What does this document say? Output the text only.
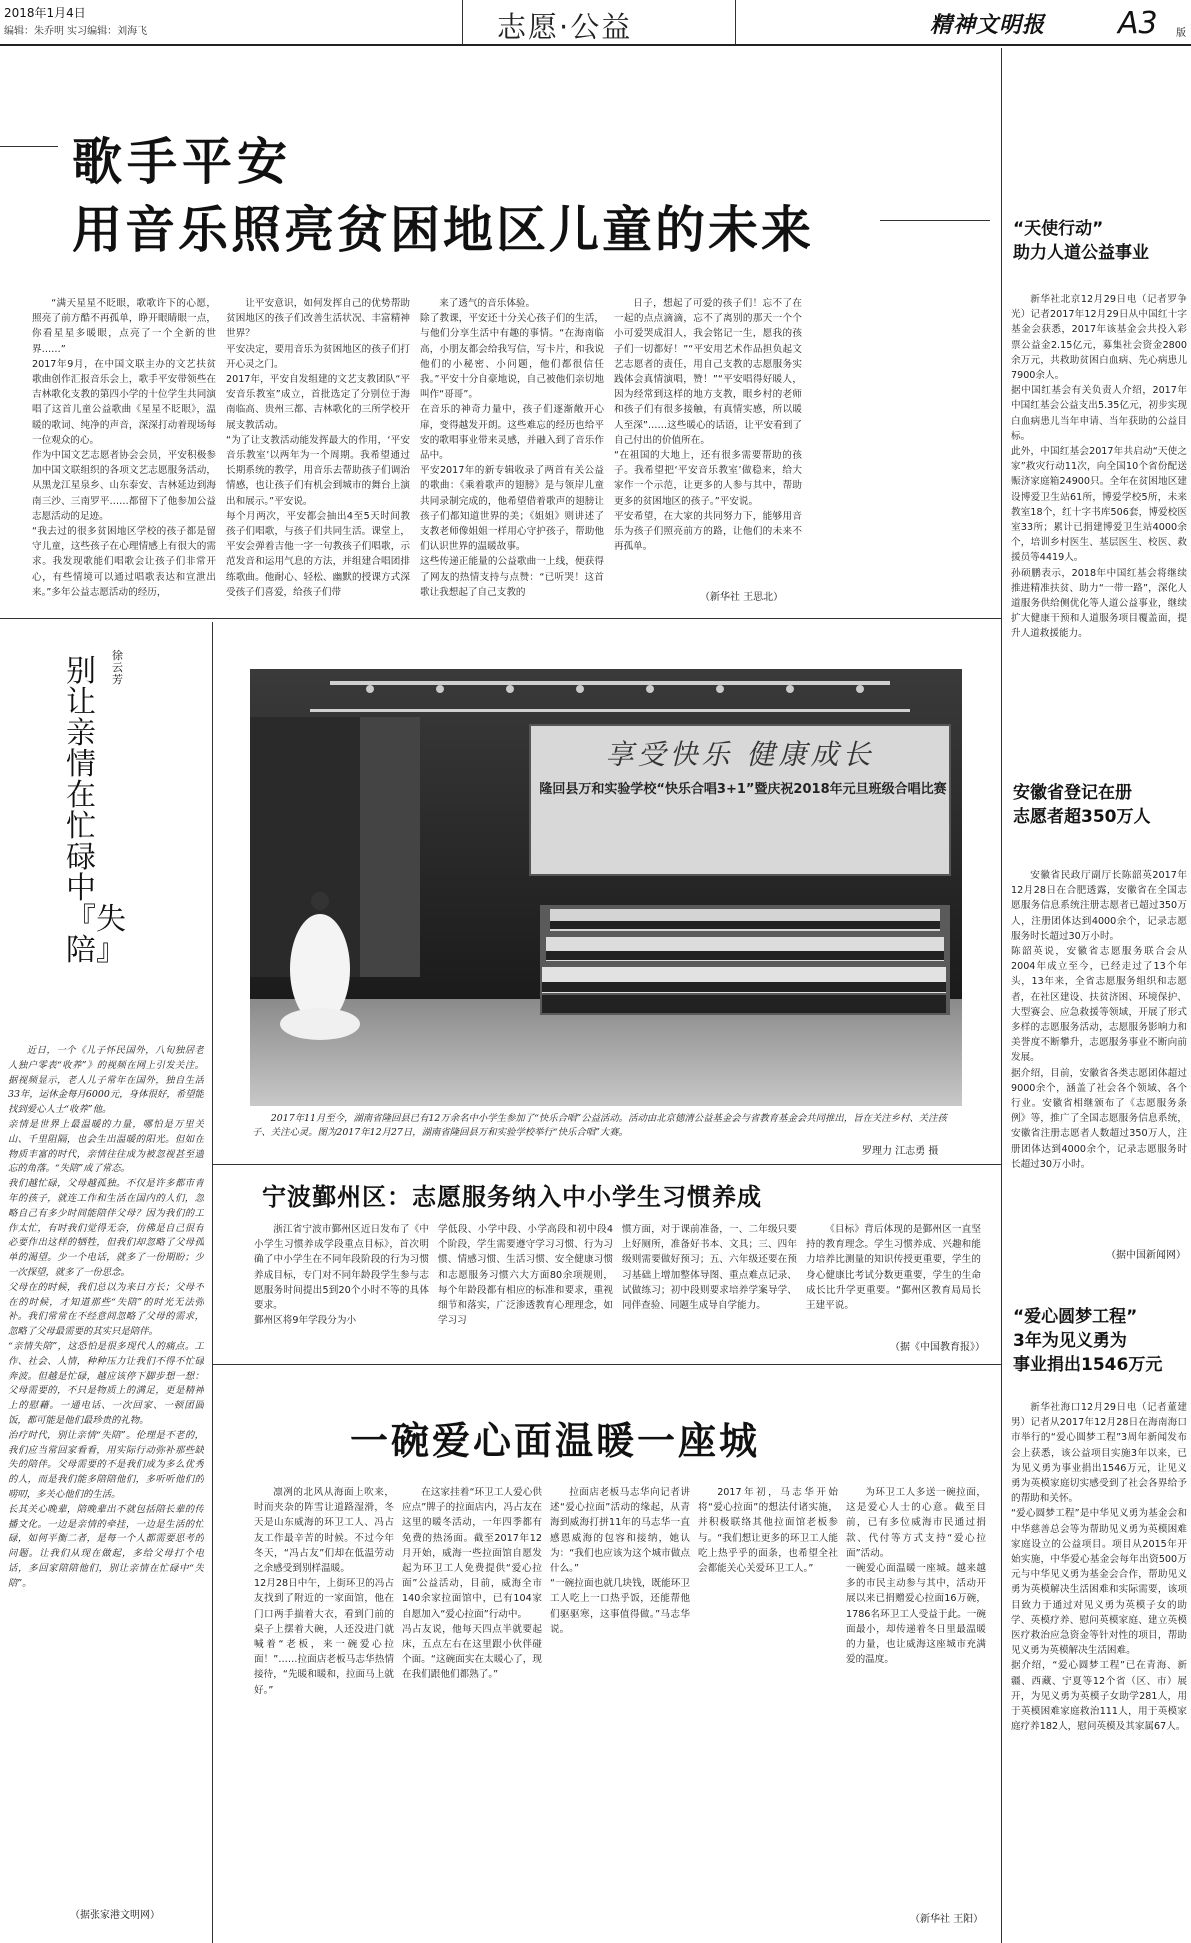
2018年1月4日
编辑：朱乔明 实习编辑：刘海飞	志愿·公益	精神文明报 A3 版
歌手平安
用音乐照亮贫困地区儿童的未来
“满天星星不眨眼，歌歌许下的心愿，照亮了前方酷不再孤单，睁开眼睛眼一点，你看星星多暖眼，点亮了一个全新的世界……”
2017年9月，在中国文联主办的文艺扶贫歌曲创作汇报音乐会上，歌手平安带领些在吉林歌化支教的第四小学的十位学生共同演唱了这首儿童公益歌曲《星星不眨眼》，温暖的歌词、纯净的声音，深深打动着现场每一位观众的心。
作为中国文艺志愿者协会会员，平安积极参加中国文联组织的各项文艺志愿服务活动，从黑龙江星泉乡、山东泰安、吉林延边到海南三沙、三南罗平……都留下了他参加公益志愿活动的足迹。
“我去过的很多贫困地区学校的孩子都是留守儿童，这些孩子在心理情感上有很大的需求。我发现歌能们唱歌会让孩子们非常开心，有些情境可以通过唱歌表达和宣泄出来。”多年公益志愿活动的经历，
让平安意识，如何发挥自己的优势帮助贫困地区的孩子们改善生活状况、丰富精神世界？
平安决定，要用音乐为贫困地区的孩子们打开心灵之门。
2017年，平安自发组建的文艺支教团队“平安音乐教室”成立，首批选定了分别位于海南临高、贵州三都、吉林歌化的三所学校开展支教活动。
“为了让支教活动能发挥最大的作用，‘平安音乐教室’以两年为一个周期。我希望通过长期系统的教学，用音乐去帮助孩子们调治情感，也让孩子们有机会到城市的舞台上演出和展示。”平安说。
每个月两次，平安都会抽出4至5天时间教孩子们唱歌，与孩子们共同生活。课堂上，平安会弹着吉他一字一句教孩子们唱歌，示范发音和运用气息的方法，并组建合唱团排练歌曲。他耐心、轻松、幽默的授课方式深受孩子们喜爱，给孩子们带
来了透气的音乐体验。
除了教课，平安还十分关心孩子们的生活，与他们分享生活中有趣的事情。“在海南临高，小朋友都会给我写信，写卡片，和我说他们的小秘密、小问题，他们都很信任我。”平安十分自豪地说，自己被他们亲切地叫作“哥哥”。
在音乐的神奇力量中，孩子们逐渐敞开心扉，变得越发开朗。这些难忘的经历也给平安的歌唱事业带来灵感，并融入到了音乐作品中。
平安2017年的新专辑收录了两首有关公益的歌曲：《乘着歌声的翅膀》是与领岸儿童共同录制完成的，他希望借着歌声的翅膀让孩子们都知道世界的美；《姐姐》则讲述了支教老师像姐姐一样用心守护孩子，帮助他们认识世界的温暖故事。
这些传递正能量的公益歌曲一上线，便获得了网友的热情支持与点赞：“已听哭！这首歌让我想起了自己支教的
日子，想起了可爱的孩子们！忘不了在一起的点点滴滴，忘不了离别的那天一个个小可爱哭成泪人，我会铭记一生，愿我的孩子们一切都好！”“平安用艺术作品担负起文艺志愿者的责任，用自己支教的志愿服务实践体会真情演唱，赞！”“平安唱得好暖人，因为经常到这样的地方支教，眼乡村的老师和孩子们有很多接触，有真情实感，所以暖人至深”……这些暖心的话语，让平安看到了自己付出的价值所在。
“在祖国的大地上，还有很多需要帮助的孩子。我希望把‘平安音乐教室’做稳来，给大家作一个示范，让更多的人参与其中，帮助更多的贫困地区的孩子。”平安说。
平安希望，在大家的共同努力下，能够用音乐为孩子们照亮前方的路，让他们的未来不再孤单。
（新华社 王思北）
徐云芳
别让亲情在忙碌中『失陪』
近日，一个《儿子怀民国外，八旬独居老人独户零表“收养”》的视频在网上引发关注。据视频显示，老人儿子常年在国外，独自生活33年，运休金每月6000元，身体很好，希望能找到爱心人士“收养”他。
亲情是世界上最温暖的力量，哪怕是万里关山、千里阻隔，也会生出温暖的阳光。但如在物质丰富的时代，亲情往往成为被忽视甚至遗忘的角落。“失陪”成了常态。
我们越忙碌，父母越孤独。不仅是许多都市青年的孩子，就连工作和生活在国内的人们，忽略自己有多少时间能陪伴父母？因为我们的工作太忙，有时我们觉得无奈，仿佛是自己很有必要作出这样的牺牲，但我们却忽略了父母孤单的渴望。少一个电话，就多了一份期盼；少一次探望，就多了一份思念。
父母在的时候，我们总以为来日方长；父母不在的时候，才知道那些“失陪”的时光无法弥补。我们常常在不经意间忽略了父母的需求，忽略了父母最需要的其实只是陪伴。
“亲情失陪”，这恐怕是很多现代人的痛点。工作、社会、人情，种种压力让我们不得不忙碌奔波。但越是忙碌，越应该停下脚步想一想：父母需要的，不只是物质上的满足，更是精神上的慰藉。一通电话、一次回家、一顿团圆饭，都可能是他们最珍贵的礼物。
治疗时代，别让亲情“失陪”。伦理是不老的，我们应当常回家看看，用实际行动弥补那些缺失的陪伴。父母需要的不是我们成为多么优秀的人，而是我们能多陪陪他们，多听听他们的唠叨，多关心他们的生活。
长其关心晚辈，陪晚辈出不就包括陪长辈的传播文化。一边是亲情的牵挂，一边是生活的忙碌，如何平衡二者，是每一个人都需要思考的问题。让我们从现在做起，多给父母打个电话，多回家陪陪他们，别让亲情在忙碌中“失陪”。
（据张家港文明网）
享受快乐 健康成长
隆回县万和实验学校“快乐合唱3+1”暨庆祝2018年元旦班级合唱比赛
2017年11月至今，湖南省隆回县已有12万余名中小学生参加了“快乐合唱”公益活动。活动由北京德清公益基金会与省教育基金会共同推出，旨在关注乡村、关注孩子、关注心灵。图为2017年12月27日，湖南省隆回县万和实验学校举行“快乐合唱”大赛。
罗理力 江志勇 摄
宁波鄞州区：志愿服务纳入中小学生习惯养成
浙江省宁波市鄞州区近日发布了《中小学生习惯养成学段重点目标》，首次明确了中小学生在不同年段阶段的行为习惯养成目标，专门对不同年龄段学生参与志愿服务时间提出5到20个小时不等的具体要求。
鄞州区将9年学段分为小
学低段、小学中段、小学高段和初中段4个阶段，学生需要遵守学习习惯、行为习惯、情感习惯、生活习惯、安全健康习惯和志愿服务习惯六大方面80余项规则，每个年龄段都有相应的标准和要求，重视细节和落实，广泛渗透教育心理理念，如学习习
惯方面，对于课前准备，一、二年级只要上好厕所，准备好书本、文具；三、四年级则需要做好预习；五、六年级还要在预习基础上增加整体导图、重点难点记录、试做练习；初中段则要求培养学案导学、同伴查验、同题生成导自学能力。
《目标》背后体现的是鄞州区一直坚持的教育理念。学生习惯养成、兴趣和能力培养比测量的知识传授更重要，学生的身心健康比考试分数更重要，学生的生命成长比升学更重要。“鄞州区教育局局长王建平说。
（据《中国教育报》）
一碗爱心面温暖一座城
凛冽的北风从海面上吹来，时而夹杂的阵雪让道路湿滑，冬天是山东威海的环卫工人、冯占友工作最辛苦的时候。不过今年冬天，“冯占友”们却在低温劳动之余感受到别样温暖。
12月28日中午，上街环卫的冯占友找到了附近的一家面馆，他在门口两手揣着大衣，看到门前的桌子上摆着大碗，人还没进门就喊着“老板，来一碗爱心拉面！”……拉面店老板马志华热情接待，“先暖和暖和，拉面马上就好。”
在这家挂着“环卫工人爱心供应点”牌子的拉面店内，冯占友在这里的暖冬活动，一年四季都有免费的热汤面。截至2017年12月开始，威海一些拉面馆自愿发起为环卫工人免费提供“爱心拉面”公益活动，目前，威海全市140余家拉面馆中，已有104家自愿加入“爱心拉面”行动中。
冯占友说，他每天四点半就要起床，五点左右在这里跟小伙伴碰个面。“这碗面实在太暖心了，现在我们跟他们都熟了。”
拉面店老板马志华向记者讲述“爱心拉面”活动的缘起，从青海到威海打拼11年的马志华一直感恩威海的包容和接纳，她认为：“我们也应该为这个城市做点什么。”
“一碗拉面也就几块钱，既能环卫工人吃上一口热乎饭，还能帮他们驱驱寒，这事值得做。”马志华说。
2017年初，马志华开始将“爱心拉面”的想法付诸实施，并积极联络其他拉面馆老板参与。“我们想让更多的环卫工人能吃上热乎乎的面条，也希望全社会都能关心关爱环卫工人。”
为环卫工人多送一碗拉面，这是爱心人士的心意。截至目前，已有多位威海市民通过捐款、代付等方式支持“爱心拉面”活动。
一碗爱心面温暖一座城。越来越多的市民主动参与其中，活动开展以来已捐赠爱心拉面16万碗，1786名环卫工人受益于此。一碗面最小，却传递着冬日里最温暖的力量，也让威海这座城市充满爱的温度。
（新华社 王阳）
“天使行动”
助力人道公益事业
新华社北京12月29日电（记者罗争光）记者2017年12月29日从中国红十字基金会获悉，2017年该基金会共投入彩票公益金2.15亿元，募集社会资金2800余万元，共救助贫困白血病、先心病患儿7900余人。
据中国红基会有关负责人介绍，2017年中国红基会公益支出5.35亿元，初步实现白血病患儿当年申请、当年获助的公益目标。
此外，中国红基会2017年共启动“天使之家”救灾行动11次，向全国10个省份配送赈济家庭箱24900只。全年在贫困地区建设博爱卫生站61所，博爱学校5所，未来教室18个，红十字书库506套，博爱校医室33所；累计已捐建博爱卫生站4000余个，培训乡村医生、基层医生、校医、救援员等4419人。
孙硕鹏表示，2018年中国红基会将继续推进精准扶贫、助力“一带一路”，深化人道服务供给侧优化等人道公益事业，继续扩大健康干预和人道服务项目覆盖面，提升人道救援能力。
安徽省登记在册
志愿者超350万人
安徽省民政厅副厅长陈韶英2017年12月28日在合肥透露，安徽省在全国志愿服务信息系统注册志愿者已超过350万人，注册团体达到4000余个，记录志愿服务时长超过30万小时。
陈韶英说，安徽省志愿服务联合会从2004年成立至今，已经走过了13个年头，13年来，全省志愿服务组织和志愿者，在社区建设、扶贫济困、环境保护、大型赛会、应急救援等领域，开展了形式多样的志愿服务活动，志愿服务影响力和美誉度不断攀升，志愿服务事业不断向前发展。
据介绍，目前，安徽省各类志愿团体超过9000余个，涵盖了社会各个领域、各个行业。安徽省相继颁布了《志愿服务条例》等，推广了全国志愿服务信息系统，安徽省注册志愿者人数超过350万人，注册团体达到4000余个，记录志愿服务时长超过30万小时。
（据中国新闻网）
“爱心圆梦工程”
3年为见义勇为
事业捐出1546万元
新华社海口12月29日电（记者董建男）记者从2017年12月28日在海南海口市举行的“爱心圆梦工程”3周年新闻发布会上获悉，该公益项目实施3年以来，已为见义勇为事业捐出1546万元，让见义勇为英模家庭切实感受到了社会各界给予的帮助和关怀。
“爱心圆梦工程”是中华见义勇为基金会和中华慈善总会等为帮助见义勇为英模困难家庭设立的公益项目。项目从2015年开始实施，中华爱心基金会每年出资500万元与中华见义勇为基金会合作，帮助见义勇为英模解决生活困难和实际需要，该项目致力于通过对见义勇为英模子女的助学、英模疗养、慰问英模家庭、建立英模医疗救治应急资金等针对性的项目，帮助见义勇为英模解决生活困难。
据介绍，“爱心圆梦工程”已在青海、新疆、西藏、宁夏等12个省（区、市）展开，为见义勇为英模子女助学281人，用于英模困难家庭救治111人，用于英模家庭疗养182人，慰问英模及其家属67人。
